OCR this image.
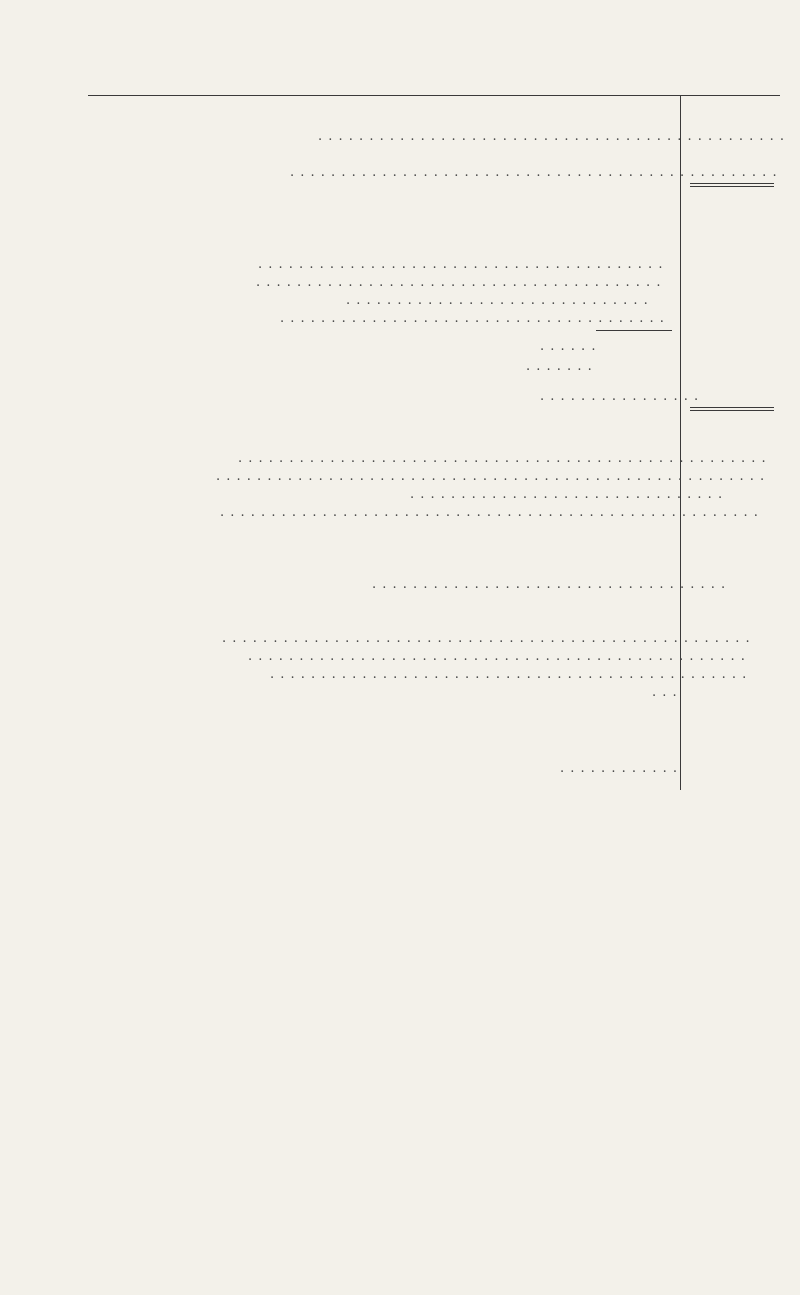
. . . . . . . . . . . . . . . . . . . . . . . . . . . . . . . . . . . . . . . . . . . . . .
. . . . . . . . . . . . . . . . . . . . . . . . . . . . . . . . . . . . . . . . . . . . . . . .
. . . . . . . . . . . . . . . . . . . . . . . . . . . . . . . . . . . . . . . .
. . . . . . . . . . . . . . . . . . . . . . . . . . . . . . . . . . . . . . . .
. . . . . . . . . . . . . . . . . . . . . . . . . . . . . .
. . . . . . . . . . . . . . . . . . . . . . . . . . . . . . . . . . . . . .
. . . . . .
. . . . . . .
. . . . . . . . . . . . . . . .
. . . . . . . . . . . . . . . . . . . . . . . . . . . . . . . . . . . . . . . . . . . . . . . . . . . .
. . . . . . . . . . . . . . . . . . . . . . . . . . . . . . . . . . . . . . . . . . . . . . . . . . . . . .
. . . . . . . . . . . . . . . . . . . . . . . . . . . . . . .
. . . . . . . . . . . . . . . . . . . . . . . . . . . . . . . . . . . . . . . . . . . . . . . . . . . . .
. . . . . . . . . . . . . . . . . . . . . . . . . . . . . . . . . . .
. . . . . . . . . . . . . . . . . . . . . . . . . . . . . . . . . . . . . . . . . . . . . . . . . . . .
. . . . . . . . . . . . . . . . . . . . . . . . . . . . . . . . . . . . . . . . . . . . . . . . .
. . . . . . . . . . . . . . . . . . . . . . . . . . . . . . . . . . . . . . . . . . . . . . .
. . .
. . . . . . . . . . . .
